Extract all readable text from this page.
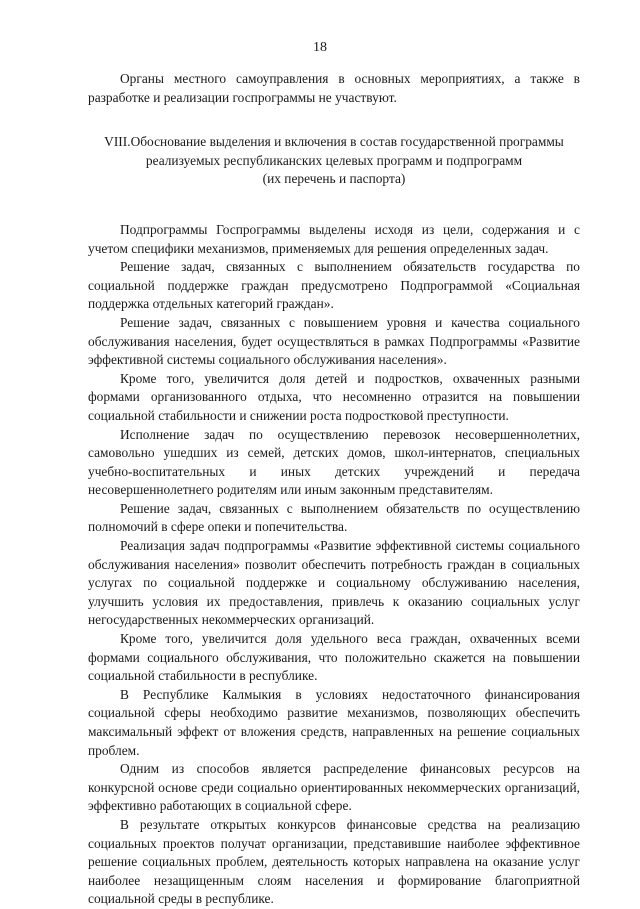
18

Органы местного самоуправления в основных мероприятиях, а также в разработке и реализации госпрограммы не участвуют.

VIII.Обоснование выделения и включения в состав государственной программы

реализуемых республиканских целевых программ и подпрограмм

(их перечень и паспорта)

Подпрограммы Госпрограммы выделены исходя из цели, содержания и с учетом специфики механизмов, применяемых для решения определенных задач.

Решение задач, связанных с выполнением обязательств государства по социальной поддержке граждан предусмотрено Подпрограммой «Социальная поддержка отдельных категорий граждан».

Решение задач, связанных с повышением уровня и качества социального обслуживания населения, будет осуществляться в рамках Подпрограммы «Развитие эффективной системы социального обслуживания населения».

Кроме того, увеличится доля детей и подростков, охваченных разными формами организованного отдыха, что несомненно отразится на повышении социальной стабильности и снижении роста подростковой преступности.

Исполнение задач по осуществлению перевозок несовершеннолетних, самовольно ушедших из семей, детских домов, школ-интернатов, специальных учебно-воспитательных и иных детских учреждений и передача несовершеннолетнего родителям или иным законным представителям.

Решение задач, связанных с выполнением обязательств по осуществлению полномочий в сфере опеки и попечительства.

Реализация задач подпрограммы «Развитие эффективной системы социального обслуживания населения» позволит обеспечить потребность граждан в социальных услугах по социальной поддержке и социальному обслуживанию населения, улучшить условия их предоставления, привлечь к оказанию социальных услуг негосударственных некоммерческих организаций.

Кроме того, увеличится доля удельного веса граждан, охваченных всеми формами социального обслуживания, что положительно скажется на повышении социальной стабильности в республике.

В Республике Калмыкия в условиях недостаточного финансирования социальной сферы необходимо развитие механизмов, позволяющих обеспечить максимальный эффект от вложения средств, направленных на решение социальных проблем.

Одним из способов является распределение финансовых ресурсов на конкурсной основе среди социально ориентированных некоммерческих организаций, эффективно работающих в социальной сфере.

В результате открытых конкурсов финансовые средства на реализацию социальных проектов получат организации, представившие наиболее эффективное решение социальных проблем, деятельность которых направлена на оказание услуг наиболее незащищенным слоям населения и формирование благоприятной социальной среды в республике.
